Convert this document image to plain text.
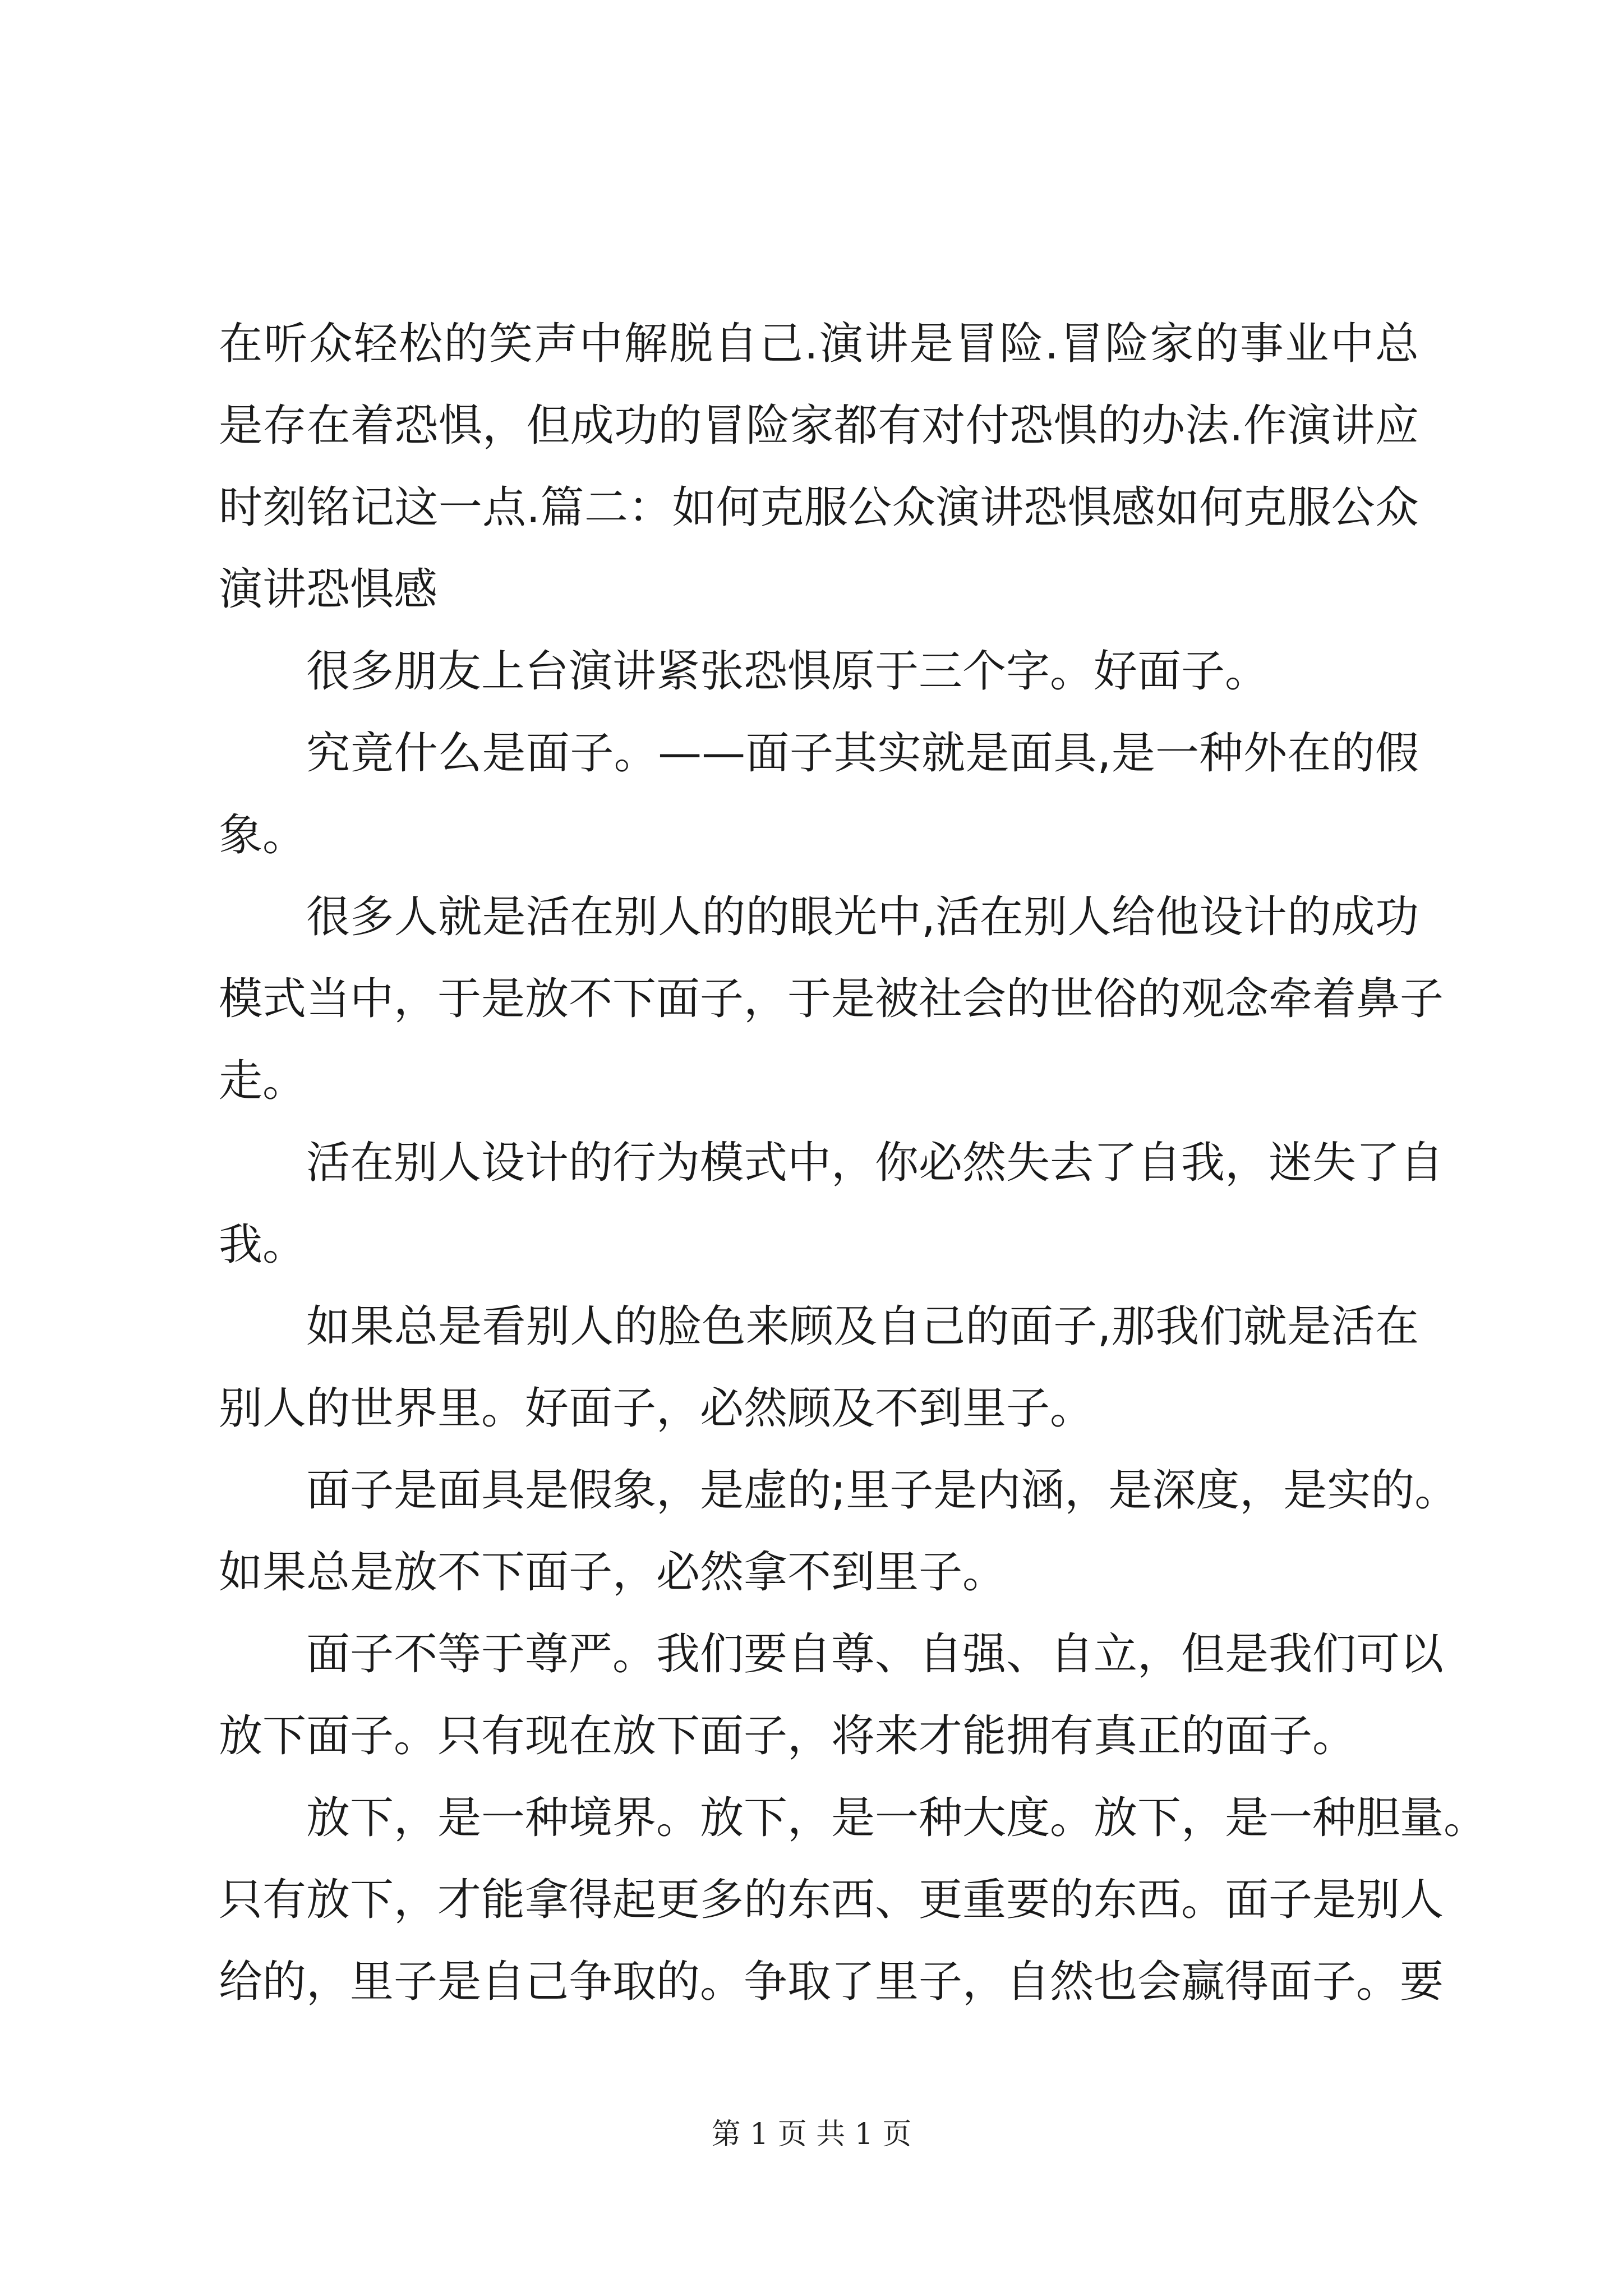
在听众轻松的笑声中解脱自己.演讲是冒险.冒险家的事业中总
是存在着恐惧，但成功的冒险家都有对付恐惧的办法.作演讲应
时刻铭记这一点.篇二：如何克服公众演讲恐惧感如何克服公众
演讲恐惧感
很多朋友上台演讲紧张恐惧原于三个字。好面子。
究竟什么是面子。——面子其实就是面具,是一种外在的假
象。
很多人就是活在别人的的眼光中,活在别人给他设计的成功
模式当中，于是放不下面子，于是被社会的世俗的观念牵着鼻子
走。
活在别人设计的行为模式中，你必然失去了自我，迷失了自
我。
如果总是看别人的脸色来顾及自己的面子,那我们就是活在
别人的世界里。好面子，必然顾及不到里子。
面子是面具是假象，是虚的;里子是内涵，是深度，是实的。
如果总是放不下面子，必然拿不到里子。
面子不等于尊严。我们要自尊、自强、自立，但是我们可以
放下面子。只有现在放下面子，将来才能拥有真正的面子。
放下，是一种境界。放下，是一种大度。放下，是一种胆量。
只有放下，才能拿得起更多的东西、更重要的东西。面子是别人
给的，里子是自己争取的。争取了里子，自然也会赢得面子。要
第 1 页 共 1 页
